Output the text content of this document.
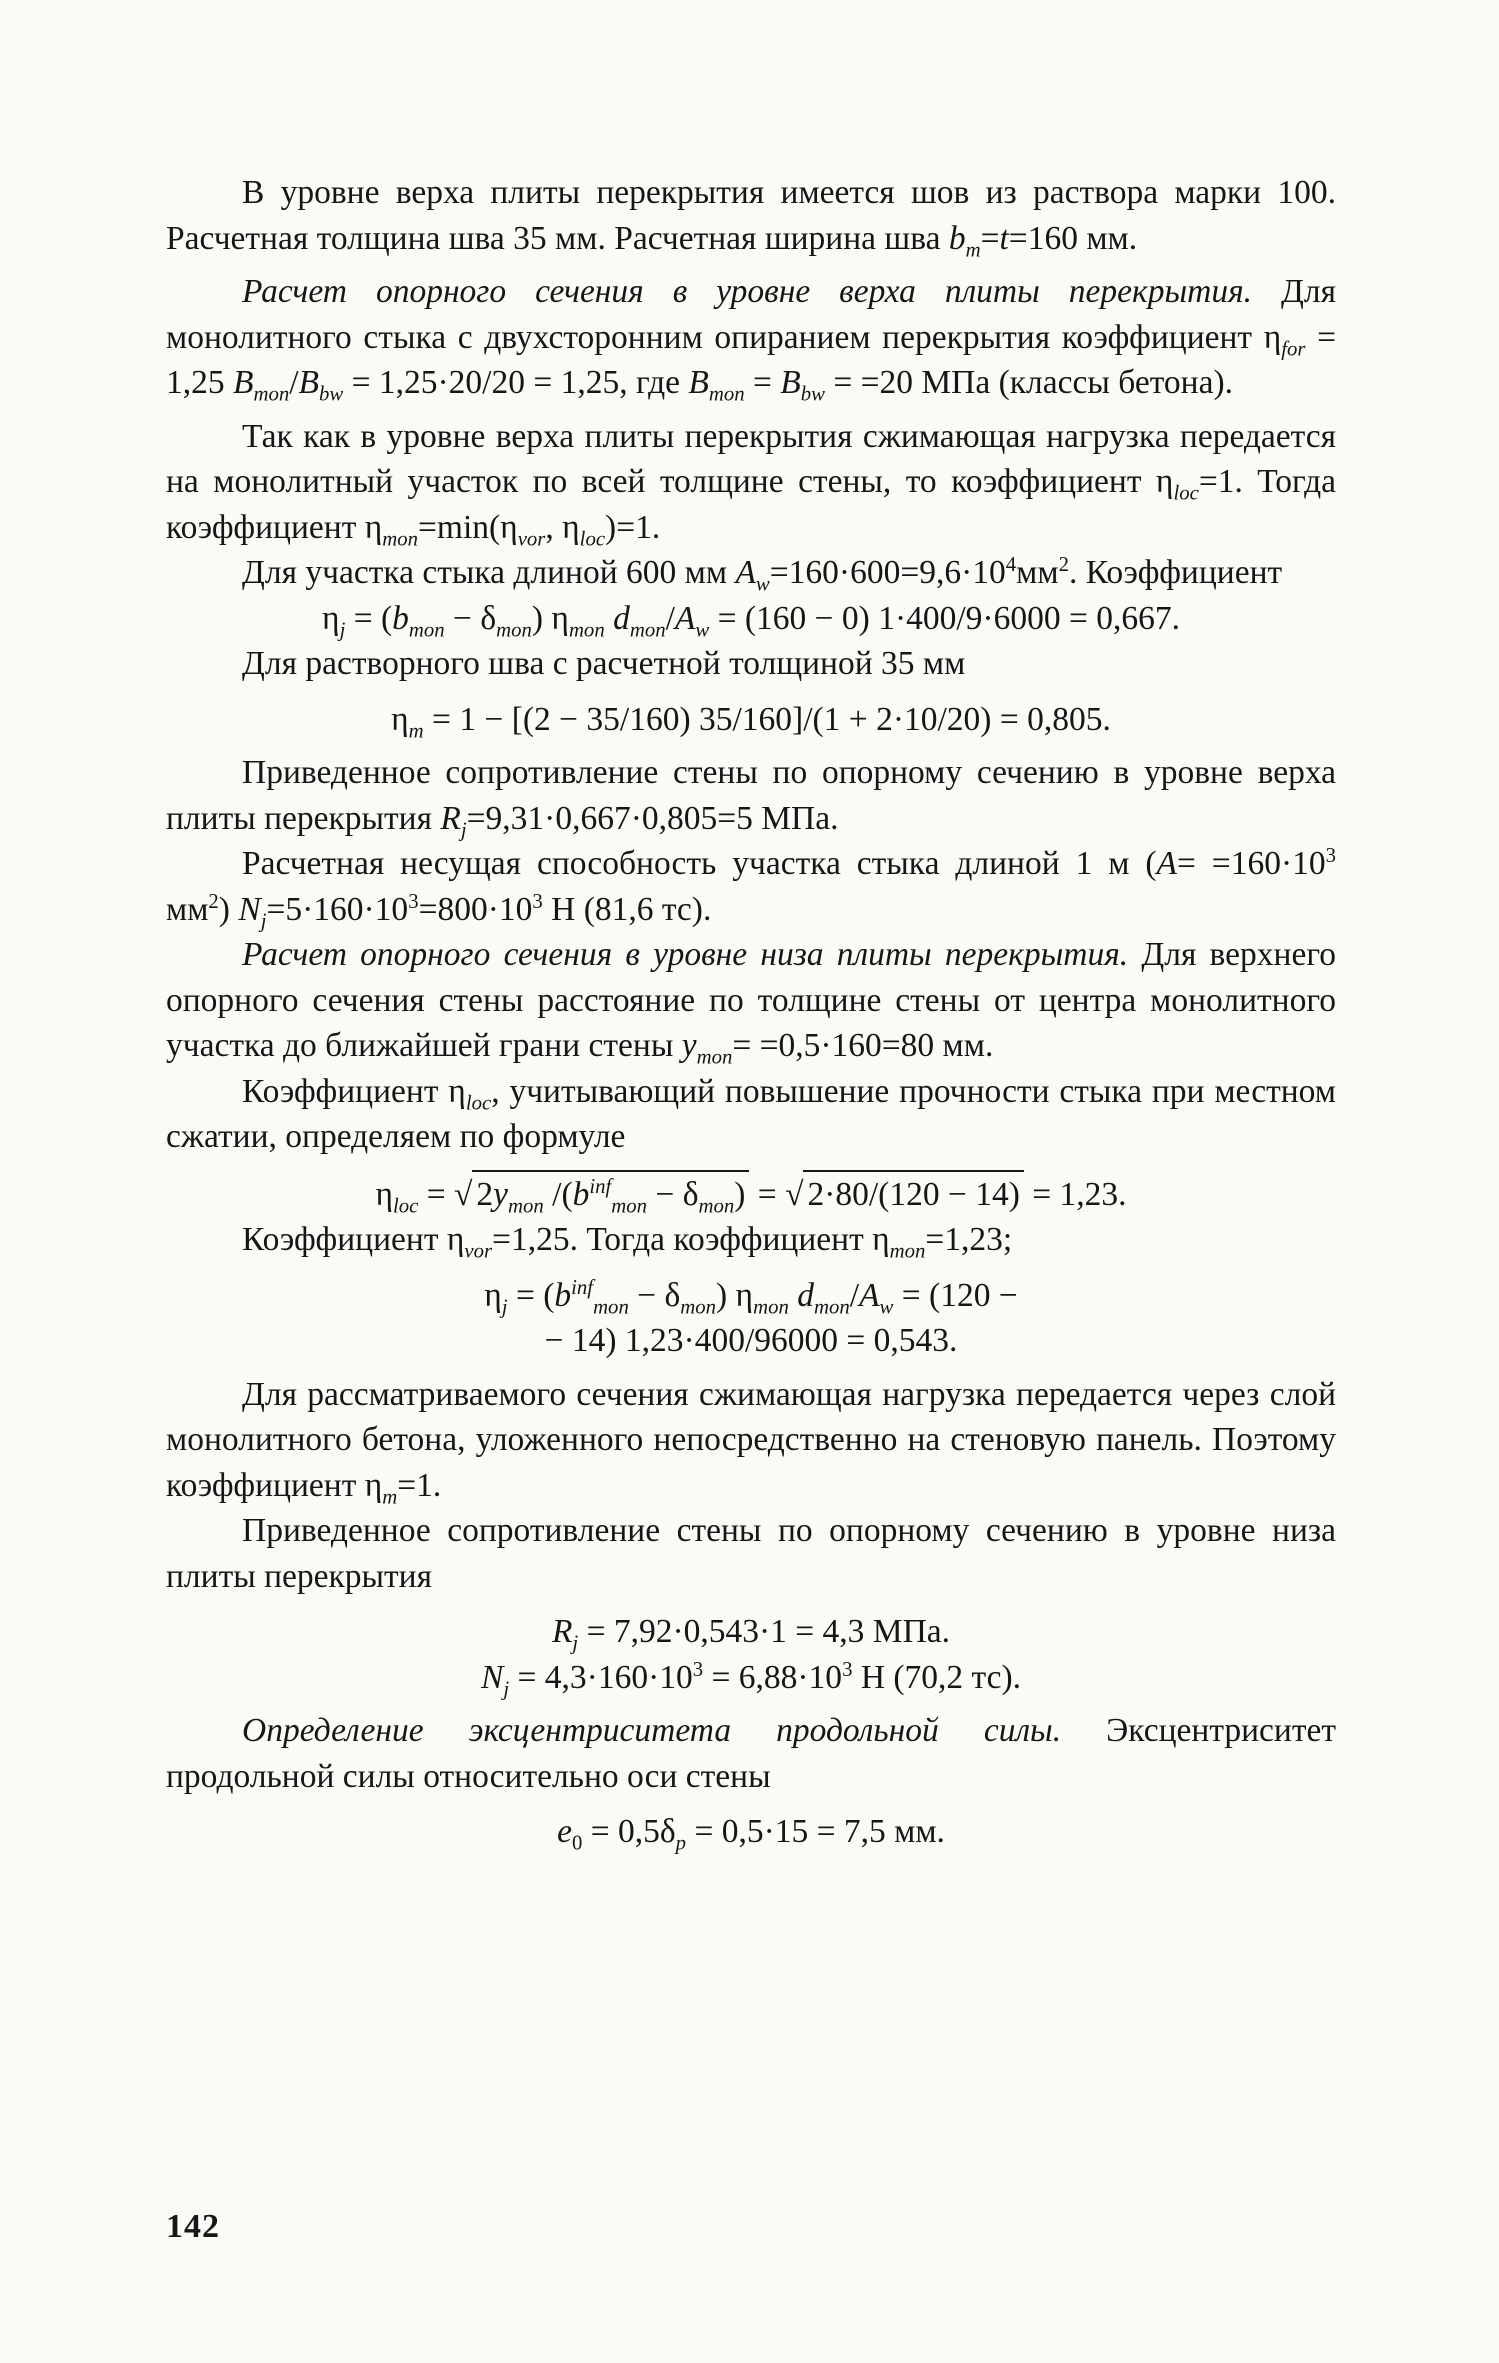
В уровне верха плиты перекрытия имеется шов из раствора марки 100. Расчетная толщина шва 35 мм. Расчетная ширина шва $b_m=t=160$ мм.

Расчет опорного сечения в уровне верха плиты перекрытия. Для монолитного стыка с двухсторонним опиранием перекрытия коэффициент $\eta_{for} = 1,25$ $B_{mon}/B_{bw} = 1,25\cdot 20/20 = 1,25$, где $B_{mon} = B_{bw} = =20$ МПа (классы бетона).

Так как в уровне верха плиты перекрытия сжимающая нагрузка передается на монолитный участок по всей толщине стены, то коэффициент $\eta_{loc}=1$. Тогда коэффициент $\eta_{mon}=\min(\eta_{vor}$, $\eta_{loc})=1$.

Для участка стыка длиной 600 мм $A_w=160\cdot 600=9,6\cdot 10^4мм^2$. Коэффициент

$\eta_j = (b_{mon} - \delta_{mon})$ $\eta_{mon}$ $d_{mon}/A_w = (160 - 0) 1\cdot 400/9\cdot 6000 = 0,667$.

Для растворного шва с расчетной толщиной 35 мм

$\eta_m = 1 - [(2 - 35/160) 35/160]/(1 + 2\cdot 10/20) = 0,805$.

Приведенное сопротивление стены по опорному сечению в уровне верха плиты перекрытия $R_j=9,31\cdot 0,667\cdot 0,805=5$ МПа.

Расчетная несущая способность участка стыка длиной 1 м ($A= =160\cdot 10^3$ $мм^2$) $N_j=5\cdot 160\cdot 10^3=800\cdot 10^3$ Н (81,6 тс).

Расчет опорного сечения в уровне низа плиты перекрытия. Для верхнего опорного сечения стены расстояние по толщине стены от центра монолитного участка до ближайшей грани стены $y_{mon}= =0,5\cdot 160=80$ мм.

Коэффициент $\eta_{loc}$, учитывающий повышение прочности стыка при местном сжатии, определяем по формуле

$\eta_{loc}$ = √ $2y_{mon}$ $/(b^{inf}_{mon} - \delta_{mon})$ = √ 2·80/(120 − 14) = 1,23.

Коэффициент $\eta_{vor}=1,25$. Тогда коэффициент $\eta_{mon}=1,23$;

$\eta_j = (b^{inf}_{mon} - \delta_{mon})$ $\eta_{mon}$ $d_{mon}/A_w = (120$ −
− 14) 1,23·400/96000 = 0,543.

Для рассматриваемого сечения сжимающая нагрузка передается через слой монолитного бетона, уложенного непосредственно на стеновую панель. Поэтому коэффициент $\eta_m=1$.

Приведенное сопротивление стены по опорному сечению в уровне низа плиты перекрытия

$R_j = 7,92\cdot 0,543\cdot 1 = 4,3$ МПа.
$N_j = 4,3\cdot 160\cdot 10^3 = 6,88\cdot 10^3$ Н (70,2 тс).

Определение эксцентриситета продольной силы. Эксцентриситет продольной силы относительно оси стены

$e_0 = 0,5\delta_p = 0,5\cdot 15 = 7,5$ мм.
142
